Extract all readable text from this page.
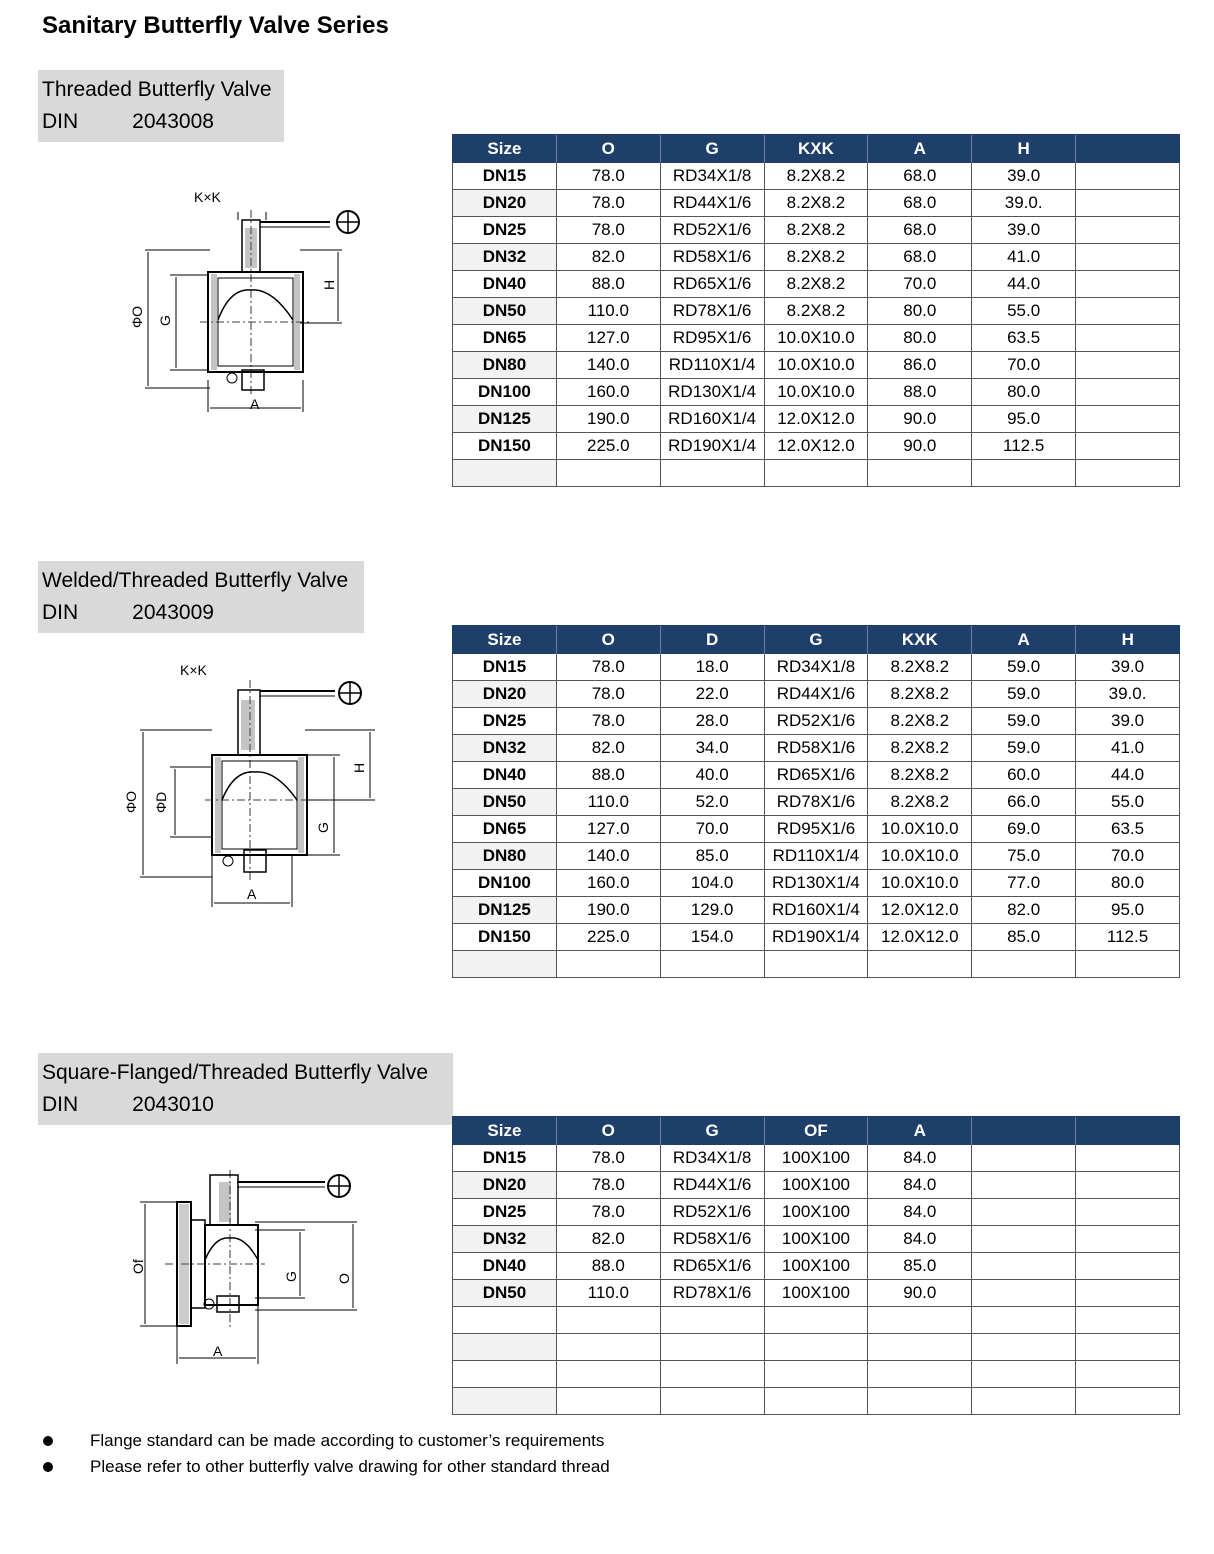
Sanitary Butterfly Valve Series
Threaded Butterfly Valve
DIN	2043008
K×K
ΦO G
H
A
Size	O	G	KXK	A	H	
DN15	78.0	RD34X1/8	8.2X8.2	68.0	39.0	
DN20	78.0	RD44X1/6	8.2X8.2	68.0	39.0.	
DN25	78.0	RD52X1/6	8.2X8.2	68.0	39.0	
DN32	82.0	RD58X1/6	8.2X8.2	68.0	41.0	
DN40	88.0	RD65X1/6	8.2X8.2	70.0	44.0	
DN50	110.0	RD78X1/6	8.2X8.2	80.0	55.0	
DN65	127.0	RD95X1/6	10.0X10.0	80.0	63.5	
DN80	140.0	RD110X1/4	10.0X10.0	86.0	70.0	
DN100	160.0	RD130X1/4	10.0X10.0	88.0	80.0	
DN125	190.0	RD160X1/4	12.0X12.0	90.0	95.0	
DN150	225.0	RD190X1/4	12.0X12.0	90.0	112.5	

Welded/Threaded Butterfly Valve
DIN	2043009
K×K
ΦO ΦD
G
H
A
Size	O	D	G	KXK	A	H
DN15	78.0	18.0	RD34X1/8	8.2X8.2	59.0	39.0
DN20	78.0	22.0	RD44X1/6	8.2X8.2	59.0	39.0.
DN25	78.0	28.0	RD52X1/6	8.2X8.2	59.0	39.0
DN32	82.0	34.0	RD58X1/6	8.2X8.2	59.0	41.0
DN40	88.0	40.0	RD65X1/6	8.2X8.2	60.0	44.0
DN50	110.0	52.0	RD78X1/6	8.2X8.2	66.0	55.0
DN65	127.0	70.0	RD95X1/6	10.0X10.0	69.0	63.5
DN80	140.0	85.0	RD110X1/4	10.0X10.0	75.0	70.0
DN100	160.0	104.0	RD130X1/4	10.0X10.0	77.0	80.0
DN125	190.0	129.0	RD160X1/4	12.0X12.0	82.0	95.0
DN150	225.0	154.0	RD190X1/4	12.0X12.0	85.0	112.5

Square-Flanged/Threaded Butterfly Valve
DIN	2043010
Of
G	O
A
Size	O	G	OF	A		
DN15	78.0	RD34X1/8	100X100	84.0		
DN20	78.0	RD44X1/6	100X100	84.0		
DN25	78.0	RD52X1/6	100X100	84.0		
DN32	82.0	RD58X1/6	100X100	84.0		
DN40	88.0	RD65X1/6	100X100	85.0		
DN50	110.0	RD78X1/6	100X100	90.0		

Flange standard can be made according to customer’s requirements
Please refer to other butterfly valve drawing for other standard thread
